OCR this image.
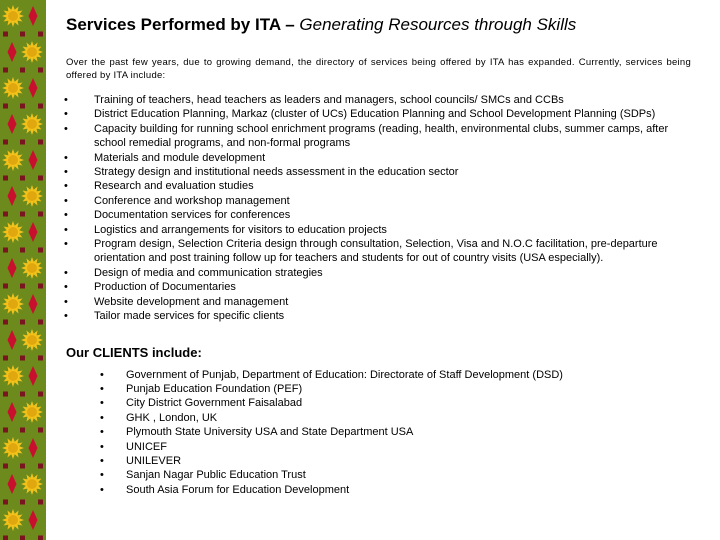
Services Performed by ITA – Generating Resources through Skills
Over the past few years, due to growing demand, the directory of services being offered by ITA has expanded. Currently, services being offered by ITA include:
• Training of teachers, head teachers as leaders and managers, school councils/ SMCs and CCBs
• District Education Planning, Markaz (cluster of UCs) Education Planning and School Development Planning (SDPs)
• Capacity building for running school enrichment programs (reading, health, environmental clubs, summer camps, after school remedial programs, and non-formal programs
• Materials and module development
• Strategy design and institutional needs assessment in the education sector
• Research and evaluation studies
• Conference and workshop management
• Documentation services for conferences
• Logistics and arrangements for visitors to education projects
• Program design, Selection Criteria design through consultation, Selection, Visa and N.O.C facilitation, pre-departure orientation and post training follow up for teachers and students for out of country visits (USA especially).
• Design of media and communication strategies
• Production of Documentaries
• Website development and management
• Tailor made services for specific clients
Our CLIENTS include:
• Government of Punjab, Department of Education: Directorate of Staff Development (DSD)
• Punjab Education Foundation (PEF)
• City District Government Faisalabad
• GHK , London, UK
• Plymouth State University USA and State Department USA
• UNICEF
• UNILEVER
• Sanjan Nagar Public Education Trust
• South Asia Forum for Education Development
